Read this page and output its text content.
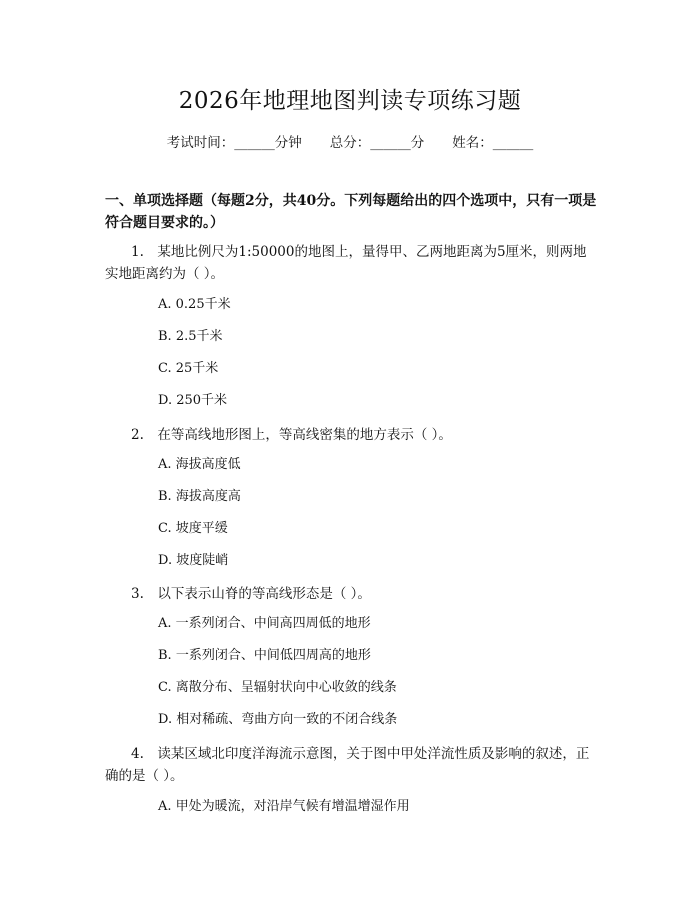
2026年地理地图判读专项练习题
考试时间：______分钟 总分：______分 姓名：______
一、单项选择题（每题2分，共40分。下列每题给出的四个选项中，只有一项是符合题目要求的。）
1.　某地比例尺为1:50000的地图上，量得甲、乙两地距离为5厘米，则两地实地距离约为（ ）。
A. 0.25千米
B. 2.5千米
C. 25千米
D. 250千米
2.　在等高线地形图上，等高线密集的地方表示（ ）。
A. 海拔高度低
B. 海拔高度高
C. 坡度平缓
D. 坡度陡峭
3.　以下表示山脊的等高线形态是（ ）。
A. 一系列闭合、中间高四周低的地形
B. 一系列闭合、中间低四周高的地形
C. 离散分布、呈辐射状向中心收敛的线条
D. 相对稀疏、弯曲方向一致的不闭合线条
4.　读某区域北印度洋海流示意图，关于图中甲处洋流性质及影响的叙述，正确的是（ ）。
A. 甲处为暖流，对沿岸气候有增温增湿作用
